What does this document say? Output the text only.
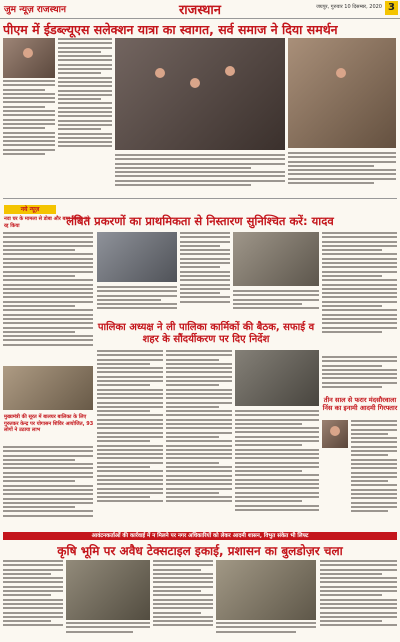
जुम न्यूज़ राजस्थान	राजस्थान	जयपुर, गुरुवार 10 दिसम्बर, 2020 3
पीएम में ईडब्ल्यूएस सलेक्शन यात्रा का स्वागत, सर्व समाज ने दिया समर्थन
नये न्यूज़
नवा घर के मामला से डोबा और बाल विवाह को रद्द किया	लंबित प्रकरणों का प्राथमिकता से निस्तारण सुनिश्चित करें: यादव
पालिका अध्यक्ष ने ली पालिका कार्मिकों की बैठक, सफाई व शहर के सौंदर्यीकरण पर दिए निर्देश
मुख्यमंत्री की सूरत में बालघर बालिका के लिए गुरुतकर केन्द्र पर योगासन शिविर आयोजित, 93 लोगों ने उठाया लाभ
तीन साल से फरार मंदसौरवाला निंस का इनामी आदमी गिरफ्तार
आवंटनकर्ताओं की कार्रवाई में न मिलने पर नगर अधिकारियों को लेकर आदमी शासन, विभुत संकेत भी लिफ्ट
कृषि भूमि पर अवैध टेक्सटाइल इकाई, प्रशासन का बुलडोज़र चला
